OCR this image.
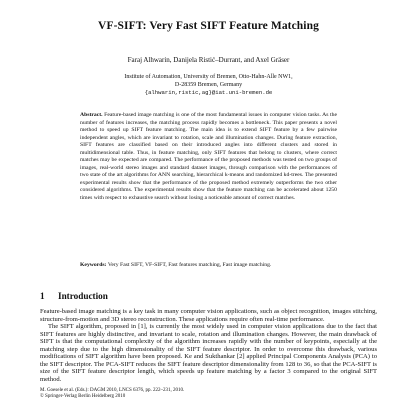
VF-SIFT: Very Fast SIFT Feature Matching
Faraj Alhwarin, Danijela Ristić–Durrant, and Axel Gräser
Institute of Automation, University of Bremen, Otto-Hahn-Alle NW1,
D-28359 Bremen, Germany
{alhwarin,ristic,ag}@iat.uni-bremen.de
Abstract. Feature-based image matching is one of the most fundamental issues in computer vision tasks. As the number of features increases, the matching process rapidly becomes a bottleneck. This paper presents a novel method to speed up SIFT feature matching. The main idea is to extend SIFT feature by a few pairwise independent angles, which are invariant to rotation, scale and illumination changes. During feature extraction, SIFT features are classified based on their introduced angles into different clusters and stored in multidimensional table. Thus, in feature matching, only SIFT features that belong to clusters, where correct matches may be expected are compared. The performance of the proposed methods was tested on two groups of images, real-world stereo images and standard dataset images, through comparison with the performances of two state of the art algorithms for ANN searching, hierarchical k-means and randomized kd-trees. The presented experimental results show that the performance of the proposed method extremely outperforms the two other considered algorithms. The experimental results show that the feature matching can be accelerated about 1250 times with respect to exhaustive search without losing a noticeable amount of correct matches.
Keywords: Very Fast SIFT, VF-SIFT, Fast features matching, Fast image matching.
1 Introduction

Feature-based image matching is a key task in many computer vision applications, such as object recognition, images stitching, structure-from-motion and 3D stereo reconstruction. These applications require often real-time performance.

The SIFT algorithm, proposed in [1], is currently the most widely used in computer vision applications due to the fact that SIFT features are highly distinctive, and invariant to scale, rotation and illumination changes. However, the main drawback of SIFT is that the computational complexity of the algorithm increases rapidly with the number of keypoints, especially at the matching step due to the high dimensionality of the SIFT feature descriptor. In order to overcome this drawback, various modifications of SIFT algorithm have been proposed. Ke and Sukthankar [2] applied Principal Components Analysis (PCA) to the SIFT descriptor. The PCA-SIFT reduces the SIFT feature descriptor dimensionality from 128 to 36, so that the PCA-SIFT is size of the SIFT feature descriptor length, which speeds up feature matching by a factor 3 compared to the original SIFT method.

M. Goesele et al. (Eds.): DAGM 2010, LNCS 6376, pp. 222–231, 2010.
© Springer-Verlag Berlin Heidelberg 2010
